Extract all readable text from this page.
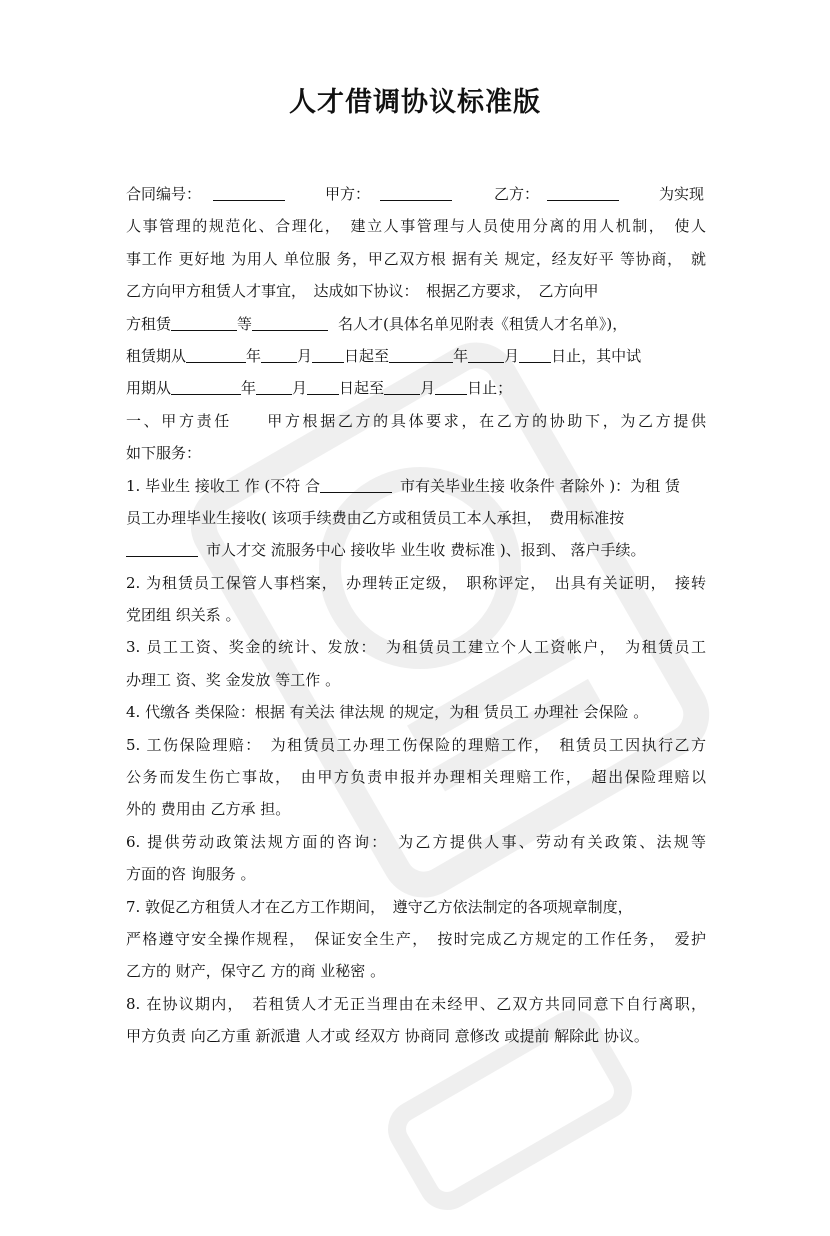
人才借调协议标准版
合同编号：	甲方：	乙方：	为实现
人事管理的规范化、合理化，　建立人事管理与人员使用分离的用人机制，　使人
事工作 更好地 为用人 单位服 务，甲乙双方根 据有关 规定，经友好平 等协商，　就
乙方向甲方租赁人才事宜，　达成如下协议：　根据乙方要求，　乙方向甲
方租赁	等	名人才(具体名单见附表《租赁人才名单》)，
租赁期从	年 月 日起至	年 月 日止，其中试
用期从	年 月 日起至 月 日止；
一、甲方责任　　甲方根据乙方的具体要求，在乙方的协助下，为乙方提供
如下服务：
1. 毕业生 接收工 作 (不符 合	市有关毕业生接 收条件 者除外 )：为租 赁
员工办理毕业生接收( 该项手续费由乙方或租赁员工本人承担，　费用标准按
市人才交 流服务中心 接收毕 业生收 费标准 )、报到、 落户手续。
2. 为租赁员工保管人事档案，　办理转正定级，　职称评定，　出具有关证明，　接转
党团组 织关系 。
3. 员工工资、奖金的统计、发放：　为租赁员工建立个人工资帐户，　为租赁员工
办理工 资、奖 金发放 等工作 。
4. 代缴各 类保险：根据 有关法 律法规 的规定，为租 赁员工 办理社 会保险 。
5. 工伤保险理赔：　为租赁员工办理工伤保险的理赔工作，　租赁员工因执行乙方
公务而发生伤亡事故，　由甲方负责申报并办理相关理赔工作，　超出保险理赔以
外的 费用由 乙方承 担。
6. 提供劳动政策法规方面的咨询：　为乙方提供人事、劳动有关政策、法规等
方面的咨 询服务 。
7. 敦促乙方租赁人才在乙方工作期间，　遵守乙方依法制定的各项规章制度，
严格遵守安全操作规程，　保证安全生产，　按时完成乙方规定的工作任务，　爱护
乙方的 财产，保守乙 方的商 业秘密 。
8. 在协议期内，　若租赁人才无正当理由在未经甲、乙双方共同同意下自行离职，
甲方负责 向乙方重 新派遣 人才或 经双方 协商同 意修改 或提前 解除此 协议。
